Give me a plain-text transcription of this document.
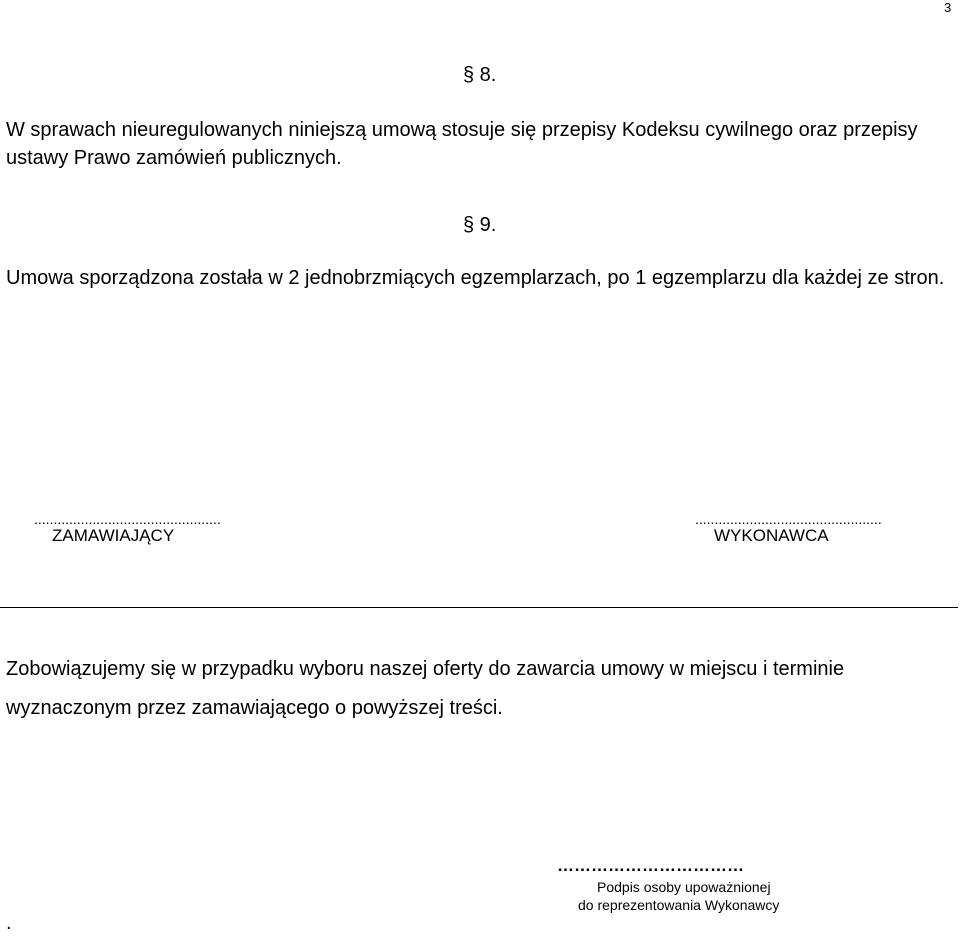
3
§ 8.
W sprawach nieuregulowanych niniejszą umową stosuje się przepisy Kodeksu cywilnego oraz przepisy ustawy Prawo zamówień publicznych.
§ 9.
Umowa sporządzona została w 2 jednobrzmiących egzemplarzach, po 1 egzemplarzu dla każdej ze stron.
................................................
ZAMAWIAJĄCY
................................................
WYKONAWCA
Zobowiązujemy się w przypadku wyboru naszej oferty do zawarcia umowy w miejscu i terminie wyznaczonym przez zamawiającego o powyższej treści.
……………………………
Podpis osoby upoważnionej
do reprezentowania Wykonawcy
.
